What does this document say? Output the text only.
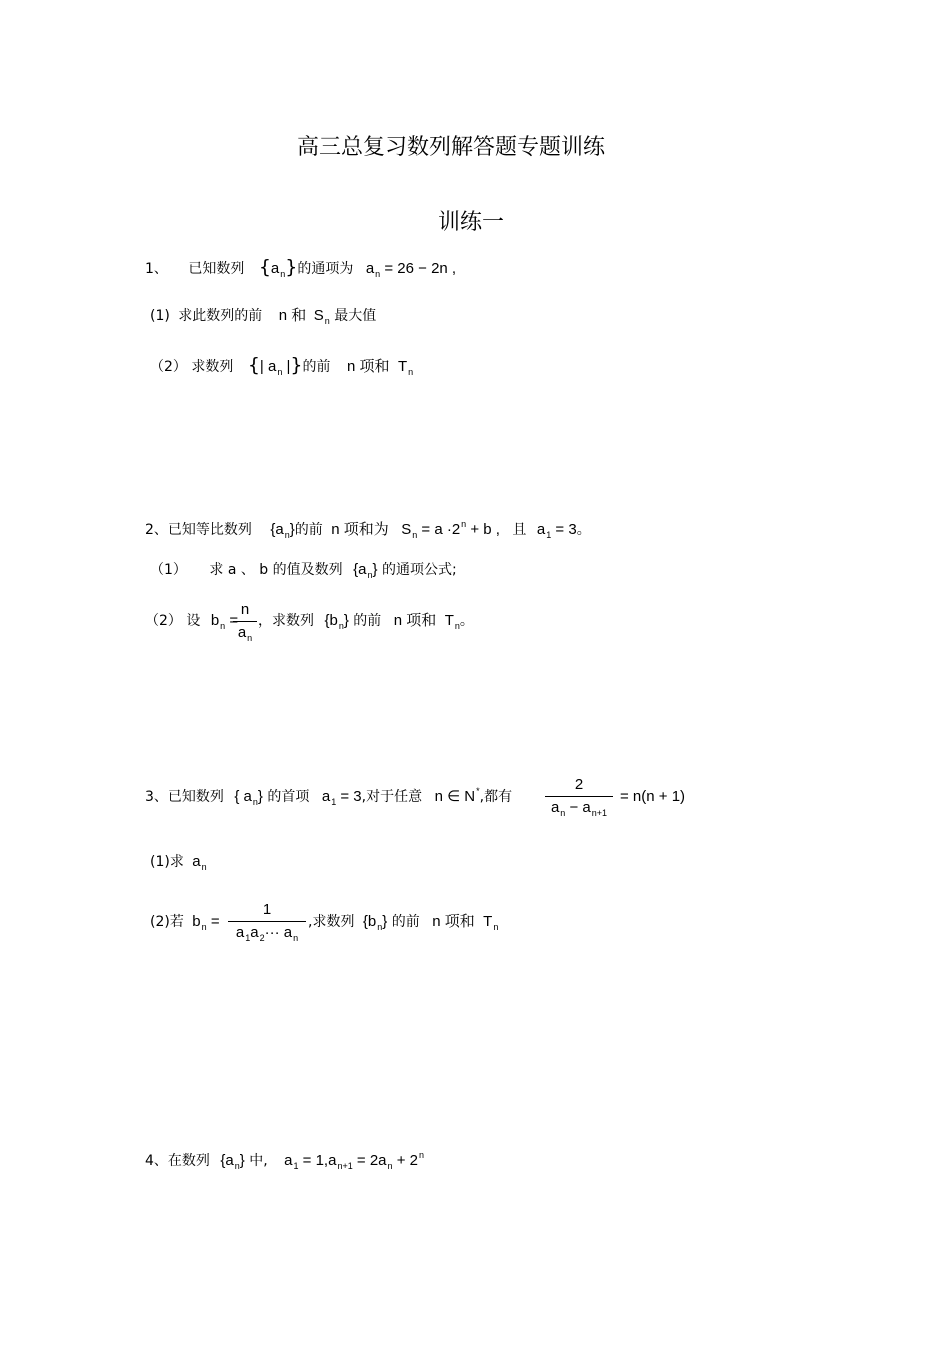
高三总复习数列解答题专题训练
训练一
1、 已知数列 $\{a_n\}$的通项为 $a_n = 26 - 2n$ ,
(1) 求此数列的前 n 和 $S_n$ 最大值
（2） 求数列 {| $a_n$ |}的前 n 项和 $T_n$
2、已知等比数列 $\{a_n\}$的前 n 项和为 $S_n = a \cdot 2^n + b$ , 且 $a_1 = 3$。
（1） 求 a 、 b 的值及数列 $\{a_n\}$ 的通项公式;
（2） 设 $b_n$ =
n
$a_n$
，求数列 $\{b_n\}$ 的前 n 项和 $T_n$。
3、已知数列 { $a_n$} 的首项 $a_1 = 3$,对于任意 n ∈ N*,都有
2
$a_n - a_{n+1}$
= n(n + 1)
(1)求 $a_n$
(2)若 $b_n$ =
1
$a_1a_2\cdot\cdot\cdot a_n$
,求数列 $\{b_n\}$ 的前 n 项和 $T_n$
4、在数列 $\{a_n\}$ 中, $a_1 = 1,a_{n+1} = 2a_n + 2^n$
